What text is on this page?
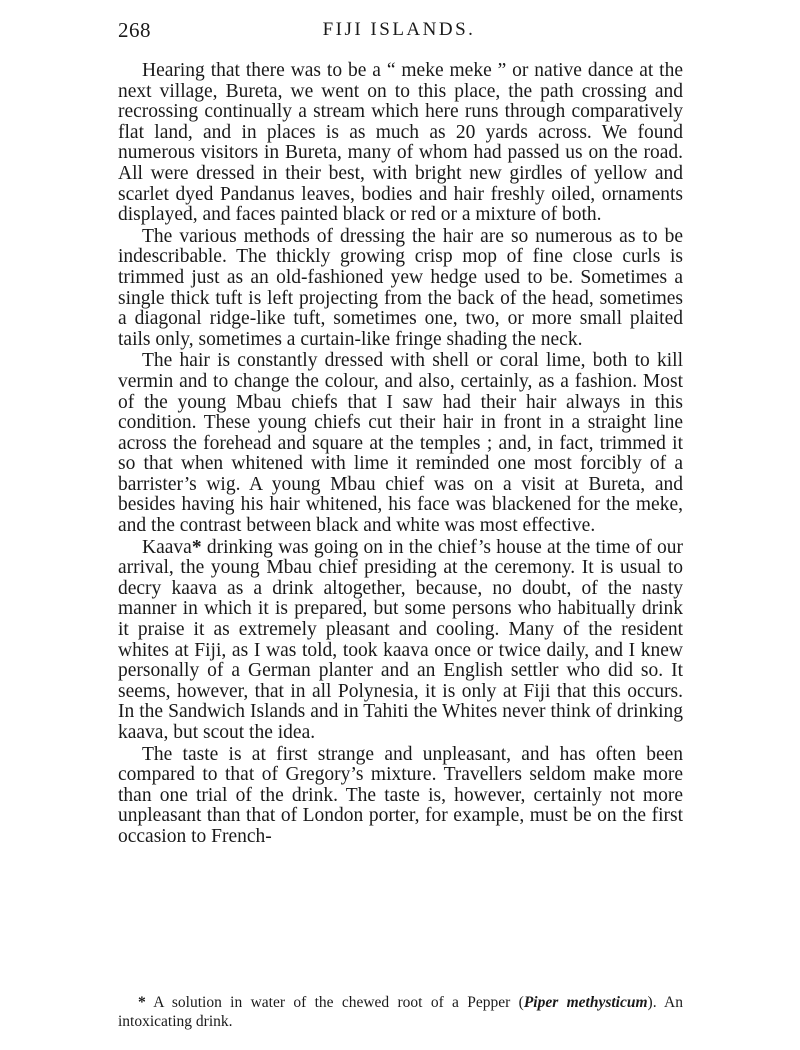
268	FIJI ISLANDS.

Hearing that there was to be a “ meke meke ” or native dance at the next village, Bureta, we went on to this place, the path crossing and recrossing continually a stream which here runs through comparatively flat land, and in places is as much as 20 yards across. We found numerous visitors in Bureta, many of whom had passed us on the road. All were dressed in their best, with bright new girdles of yellow and scarlet dyed Pandanus leaves, bodies and hair freshly oiled, ornaments displayed, and faces painted black or red or a mixture of both.

The various methods of dressing the hair are so numerous as to be indescribable. The thickly growing crisp mop of fine close curls is trimmed just as an old-fashioned yew hedge used to be. Sometimes a single thick tuft is left projecting from the back of the head, sometimes a diagonal ridge-like tuft, sometimes one, two, or more small plaited tails only, sometimes a curtain-like fringe shading the neck.

The hair is constantly dressed with shell or coral lime, both to kill vermin and to change the colour, and also, certainly, as a fashion. Most of the young Mbau chiefs that I saw had their hair always in this condition. These young chiefs cut their hair in front in a straight line across the forehead and square at the temples ; and, in fact, trimmed it so that when whitened with lime it reminded one most forcibly of a barrister’s wig. A young Mbau chief was on a visit at Bureta, and besides having his hair whitened, his face was blackened for the meke, and the contrast between black and white was most effective.

Kaava* drinking was going on in the chief’s house at the time of our arrival, the young Mbau chief presiding at the ceremony. It is usual to decry kaava as a drink altogether, because, no doubt, of the nasty manner in which it is prepared, but some persons who habitually drink it praise it as extremely pleasant and cooling. Many of the resident whites at Fiji, as I was told, took kaava once or twice daily, and I knew personally of a German planter and an English settler who did so. It seems, however, that in all Polynesia, it is only at Fiji that this occurs. In the Sandwich Islands and in Tahiti the Whites never think of drinking kaava, but scout the idea.

The taste is at first strange and unpleasant, and has often been compared to that of Gregory’s mixture. Travellers seldom make more than one trial of the drink. The taste is, however, certainly not more unpleasant than that of London porter, for example, must be on the first occasion to French-

* A solution in water of the chewed root of a Pepper (Piper methysticum). An intoxicating drink.
